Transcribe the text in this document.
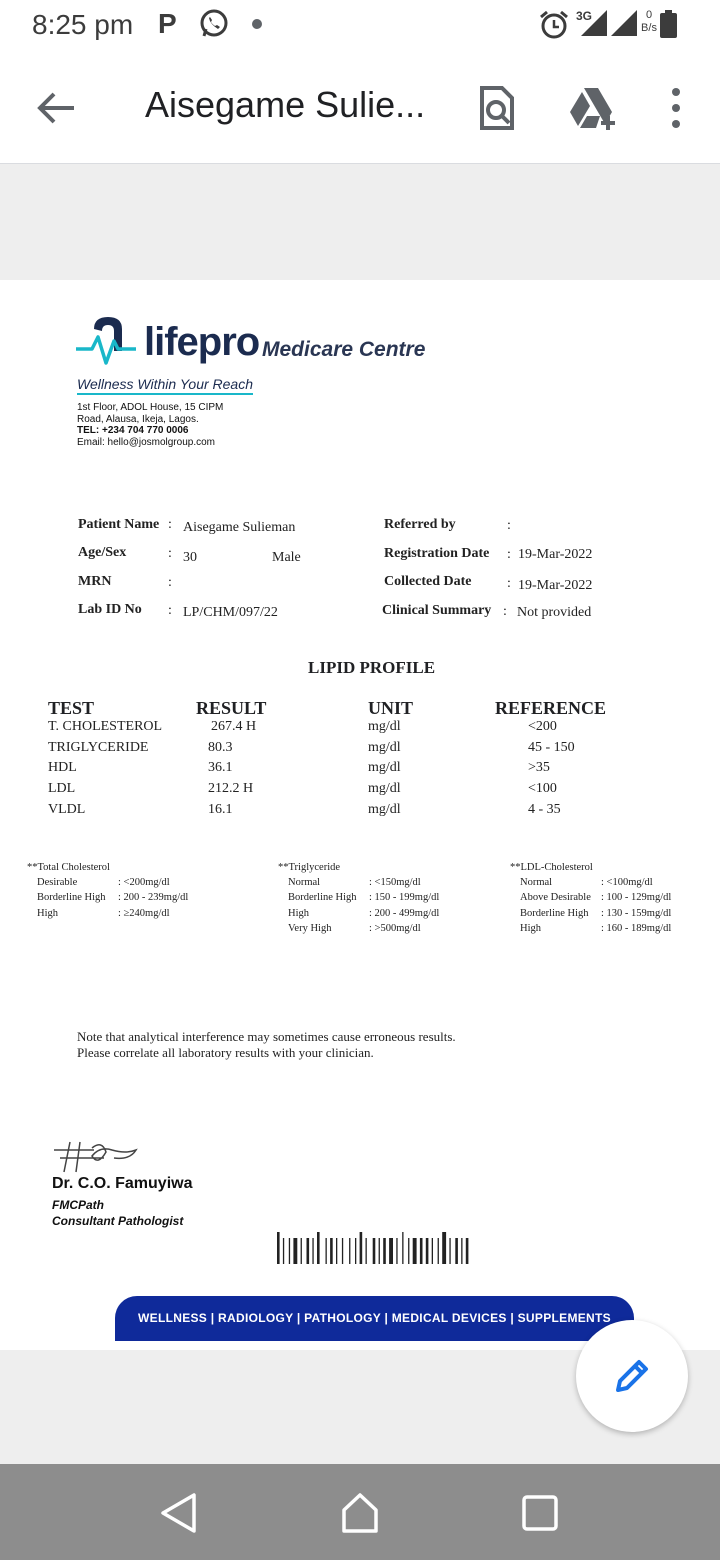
8:25 pm P	3G	0
B/s
Aisegame Sulie...
lifepro Medicare Centre
Wellness Within Your Reach
1st Floor, ADOL House, 15 CIPM
Road, Alausa, Ikeja, Lagos.
TEL: +234 704 770 0006
Email: hello@josmolgroup.com
Patient Name : Aisegame Sulieman
Age/Sex	: 30	Male
MRN	:
Lab ID No : LP/CHM/097/22
Referred by	:
Registration Date : 19-Mar-2022
Collected Date	: 19-Mar-2022
Clinical Summary : Not provided
LIPID PROFILE
TEST	RESULT	UNIT	REFERENCE
T. CHOLESTEROL	267.4 H	mg/dl	<200
TRIGLYCERIDE	80.3	mg/dl	45 - 150
HDL	36.1	mg/dl	>35
LDL	212.2 H	mg/dl	<100
VLDL	16.1	mg/dl	4 - 35
**Total Cholesterol
Desirable	: <200mg/dl
Borderline High	: 200 - 239mg/dl
High	: ≥240mg/dl
**Triglyceride
Normal	: <150mg/dl
Borderline High	: 150 - 199mg/dl
High	: 200 - 499mg/dl
Very High	: >500mg/dl
**LDL-Cholesterol
Normal	: <100mg/dl
Above Desirable : 100 - 129mg/dl
Borderline High	: 130 - 159mg/dl
High	: 160 - 189mg/dl
Note that analytical interference may sometimes cause erroneous results.
Please correlate all laboratory results with your clinician.
Dr. C.O. Famuyiwa
FMCPath
Consultant Pathologist
WELLNESS | RADIOLOGY | PATHOLOGY | MEDICAL DEVICES | SUPPLEMENTS
